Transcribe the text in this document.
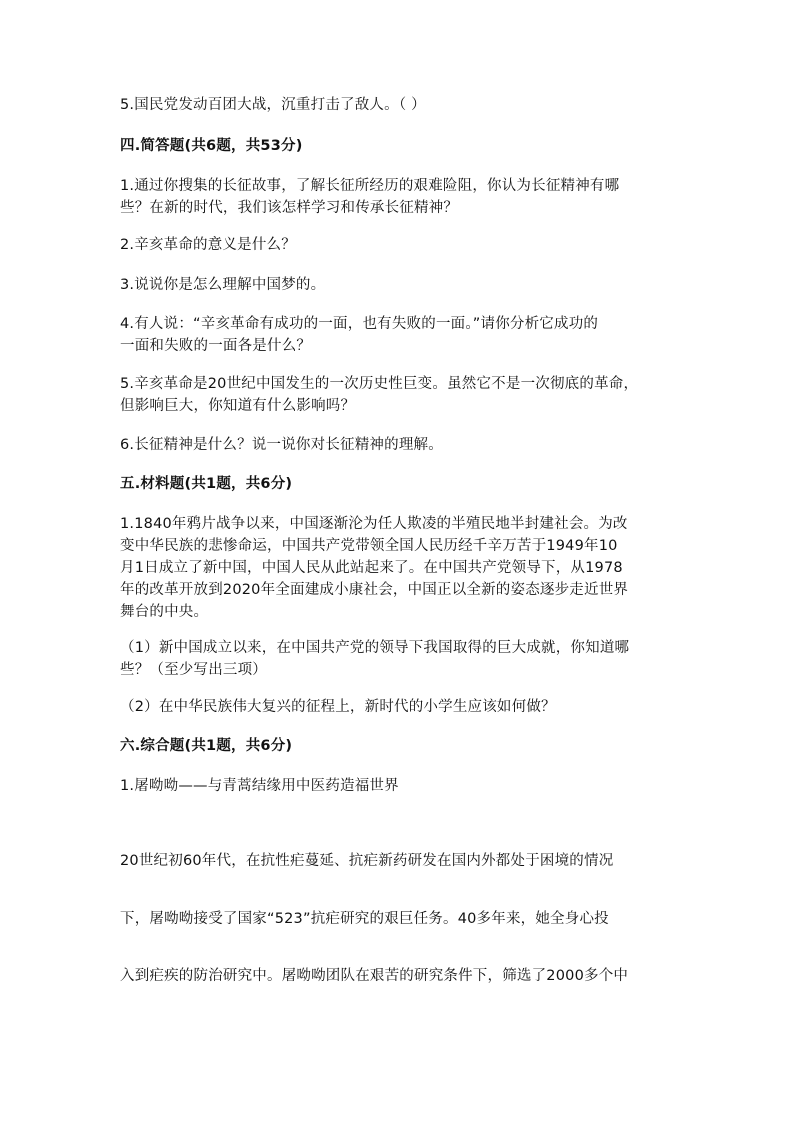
5.国民党发动百团大战，沉重打击了敌人。（ ）
四.简答题(共6题，共53分)
1.通过你搜集的长征故事，了解长征所经历的艰难险阻，你认为长征精神有哪
些？在新的时代，我们该怎样学习和传承长征精神？
2.辛亥革命的意义是什么？
3.说说你是怎么理解中国梦的。
4.有人说：“辛亥革命有成功的一面，也有失败的一面。”请你分析它成功的
一面和失败的一面各是什么？
5.辛亥革命是20世纪中国发生的一次历史性巨变。虽然它不是一次彻底的革命，
但影响巨大，你知道有什么影响吗？
6.长征精神是什么？说一说你对长征精神的理解。
五.材料题(共1题，共6分)
1.1840年鸦片战争以来，中国逐渐沦为任人欺凌的半殖民地半封建社会。为改
变中华民族的悲惨命运，中国共产党带领全国人民历经千辛万苦于1949年10
月1日成立了新中国，中国人民从此站起来了。在中国共产党领导下，从1978
年的改革开放到2020年全面建成小康社会，中国正以全新的姿态逐步走近世界
舞台的中央。
（1）新中国成立以来，在中国共产党的领导下我国取得的巨大成就，你知道哪
些？（至少写出三项）
（2）在中华民族伟大复兴的征程上，新时代的小学生应该如何做？
六.综合题(共1题，共6分)
1.屠呦呦——与青蒿结缘用中医药造福世界
20世纪初60年代，在抗性疟蔓延、抗疟新药研发在国内外都处于困境的情况
下，屠呦呦接受了国家“523”抗疟研究的艰巨任务。40多年来，她全身心投
入到疟疾的防治研究中。屠呦呦团队在艰苦的研究条件下，筛选了2000多个中
